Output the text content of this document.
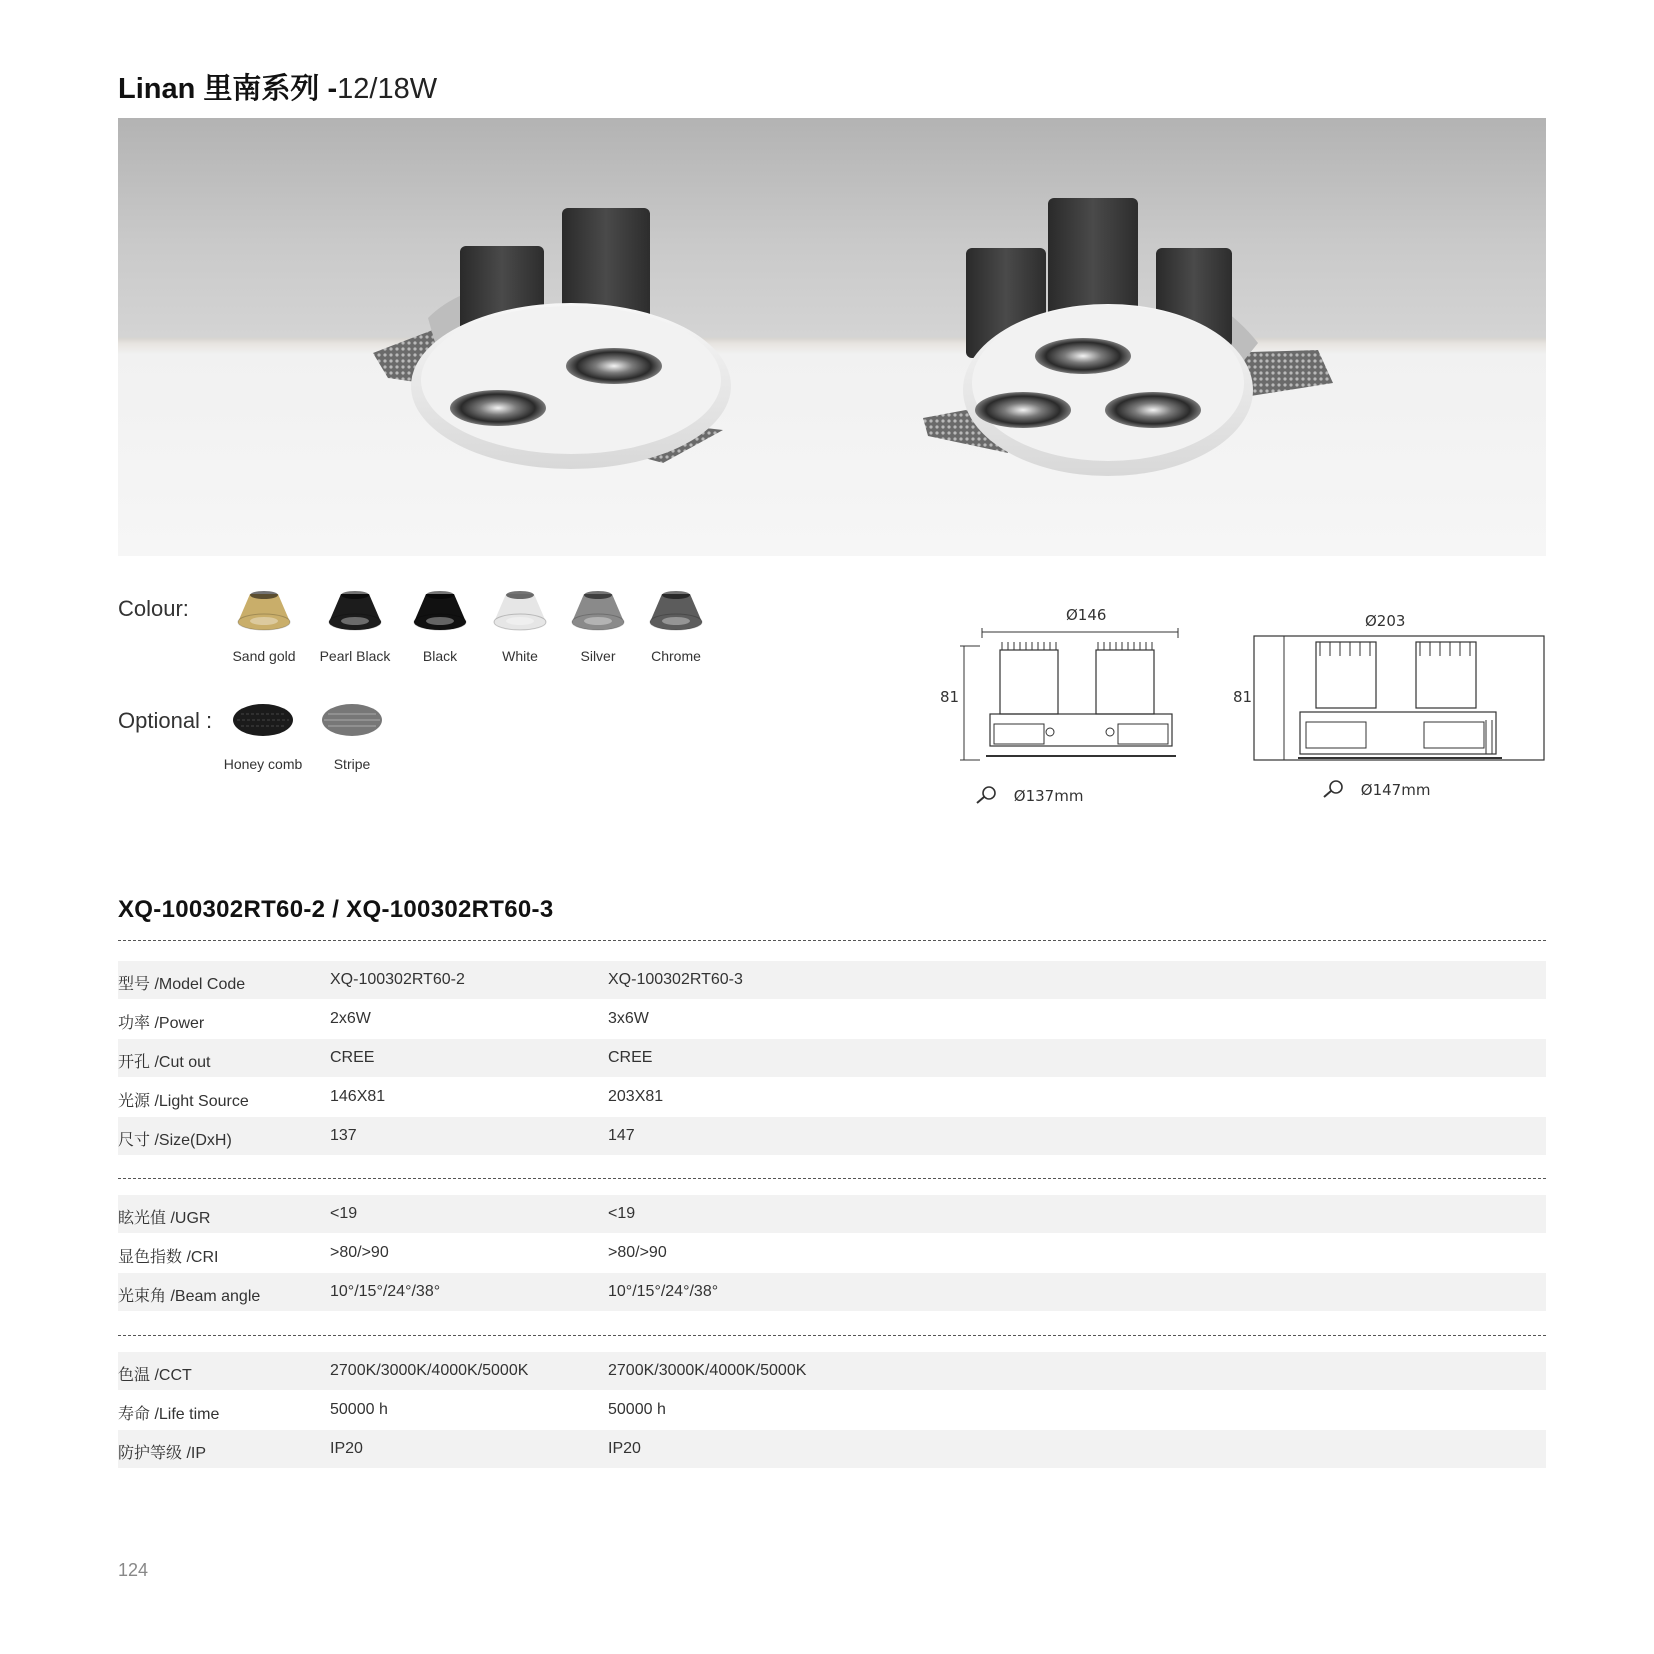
Linan 里南系列 -12/18W
Colour:
Sand gold Pearl Black Black	White	Silver	Chrome
Optional :
Honey comb Stripe
Ø146
81
Ø137mm
Ø203
81
Ø147mm
XQ-100302RT60-2 / XQ-100302RT60-3
型号 /Model Code	XQ-100302RT60-2	XQ-100302RT60-3
功率 /Power	2x6W	3x6W
开孔 /Cut out	CREE	CREE
光源 /Light Source	146X81	203X81
尺寸 /Size(DxH)	137	147
眩光值 /UGR	<19	<19
显色指数 /CRI	>80/>90	>80/>90
光束角 /Beam angle	10°/15°/24°/38°	10°/15°/24°/38°
色温 /CCT	2700K/3000K/4000K/5000K	2700K/3000K/4000K/5000K
寿命 /Life time	50000 h	50000 h
防护等级 /IP	IP20	IP20
124
